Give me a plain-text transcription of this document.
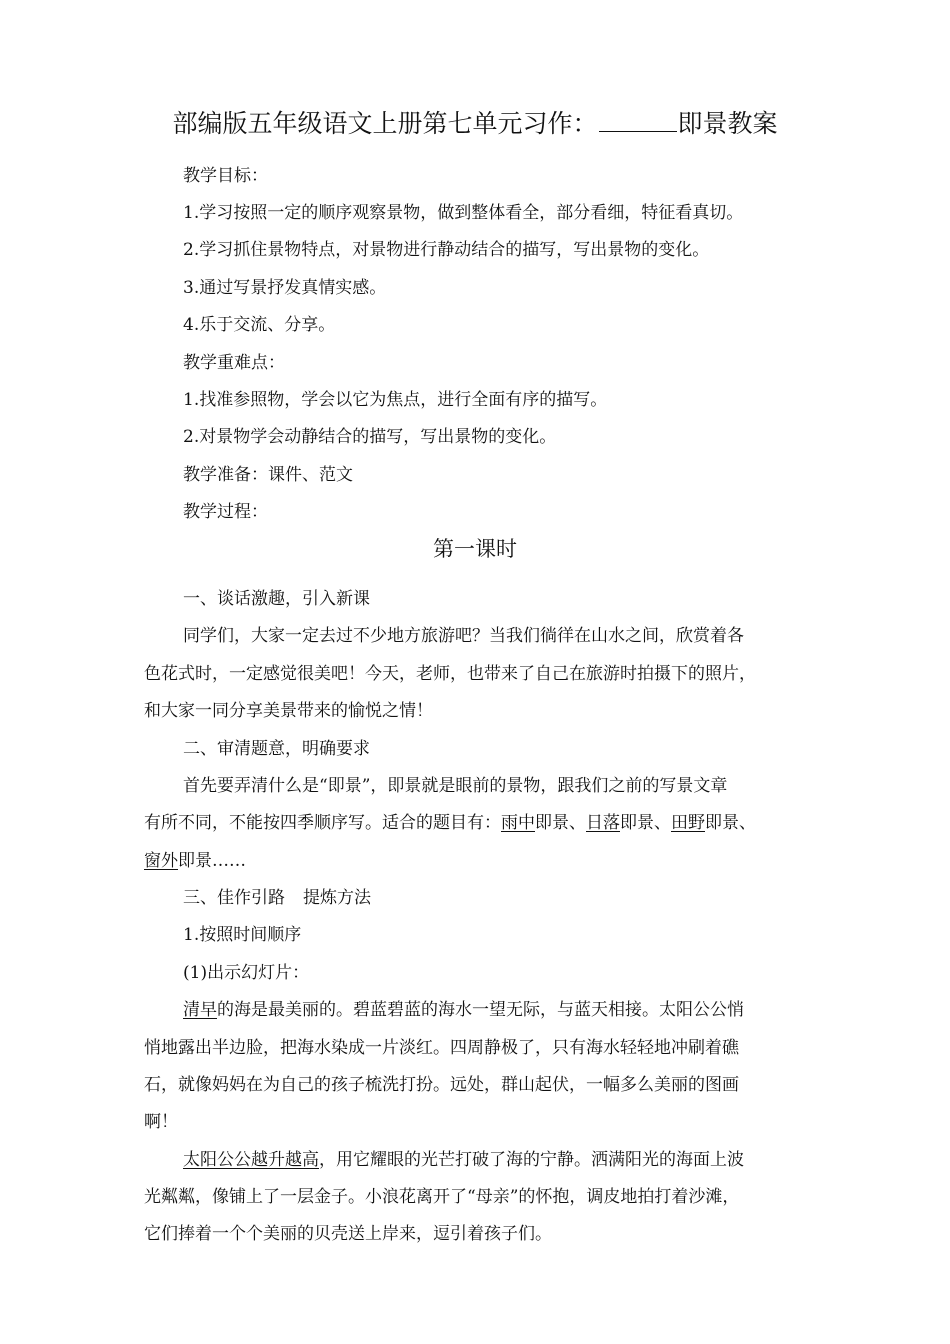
部编版五年级语文上册第七单元习作：	即景教案
教学目标：
1.学习按照一定的顺序观察景物，做到整体看全，部分看细，特征看真切。
2.学习抓住景物特点，对景物进行静动结合的描写，写出景物的变化。
3.通过写景抒发真情实感。
4.乐于交流、分享。
教学重难点：
1.找准参照物，学会以它为焦点，进行全面有序的描写。
2.对景物学会动静结合的描写，写出景物的变化。
教学准备：课件、范文
教学过程：
第一课时
一、谈话激趣，引入新课
同学们，大家一定去过不少地方旅游吧？当我们徜徉在山水之间，欣赏着各
色花式时，一定感觉很美吧！今天，老师，也带来了自己在旅游时拍摄下的照片，
和大家一同分享美景带来的愉悦之情！
二、审清题意，明确要求
首先要弄清什么是“即景”，即景就是眼前的景物，跟我们之前的写景文章
有所不同，不能按四季顺序写。适合的题目有：雨中即景、日落即景、田野即景、
窗外即景……
三、佳作引路 提炼方法
1.按照时间顺序
(1)出示幻灯片：
清早的海是最美丽的。碧蓝碧蓝的海水一望无际，与蓝天相接。太阳公公悄
悄地露出半边脸，把海水染成一片淡红。四周静极了，只有海水轻轻地冲刷着礁
石，就像妈妈在为自己的孩子梳洗打扮。远处，群山起伏，一幅多么美丽的图画
啊！
太阳公公越升越高，用它耀眼的光芒打破了海的宁静。洒满阳光的海面上波
光粼粼，像铺上了一层金子。小浪花离开了“母亲”的怀抱，调皮地拍打着沙滩，
它们捧着一个个美丽的贝壳送上岸来，逗引着孩子们。
